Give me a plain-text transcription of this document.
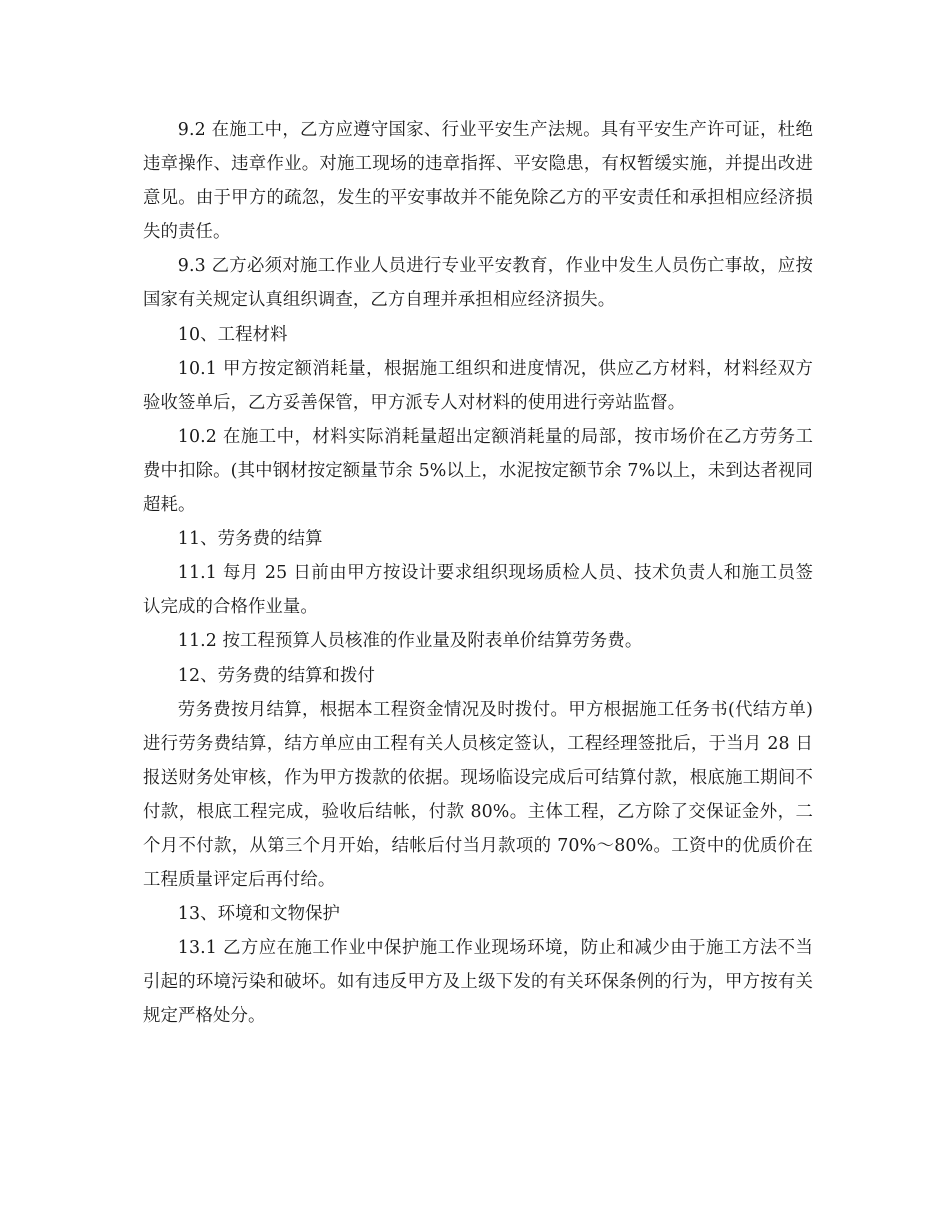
9.2 在施工中，乙方应遵守国家、行业平安生产法规。具有平安生产许可证，杜绝违章操作、违章作业。对施工现场的违章指挥、平安隐患，有权暂缓实施，并提出改进意见。由于甲方的疏忽，发生的平安事故并不能免除乙方的平安责任和承担相应经济损失的责任。

9.3 乙方必须对施工作业人员进行专业平安教育，作业中发生人员伤亡事故，应按国家有关规定认真组织调查，乙方自理并承担相应经济损失。

10、工程材料

10.1 甲方按定额消耗量，根据施工组织和进度情况，供应乙方材料，材料经双方验收签单后，乙方妥善保管，甲方派专人对材料的使用进行旁站监督。

10.2 在施工中，材料实际消耗量超出定额消耗量的局部，按市场价在乙方劳务工费中扣除。(其中钢材按定额量节余 5%以上，水泥按定额节余 7%以上，未到达者视同超耗。

11、劳务费的结算

11.1 每月 25 日前由甲方按设计要求组织现场质检人员、技术负责人和施工员签认完成的合格作业量。

11.2 按工程预算人员核准的作业量及附表单价结算劳务费。

12、劳务费的结算和拨付

劳务费按月结算，根据本工程资金情况及时拨付。甲方根据施工任务书(代结方单)进行劳务费结算，结方单应由工程有关人员核定签认，工程经理签批后，于当月 28 日报送财务处审核，作为甲方拨款的依据。现场临设完成后可结算付款，根底施工期间不付款，根底工程完成，验收后结帐，付款 80%。主体工程，乙方除了交保证金外，二个月不付款，从第三个月开始，结帐后付当月款项的 70%～80%。工资中的优质价在工程质量评定后再付给。

13、环境和文物保护

13.1 乙方应在施工作业中保护施工作业现场环境，防止和减少由于施工方法不当引起的环境污染和破坏。如有违反甲方及上级下发的有关环保条例的行为，甲方按有关规定严格处分。
